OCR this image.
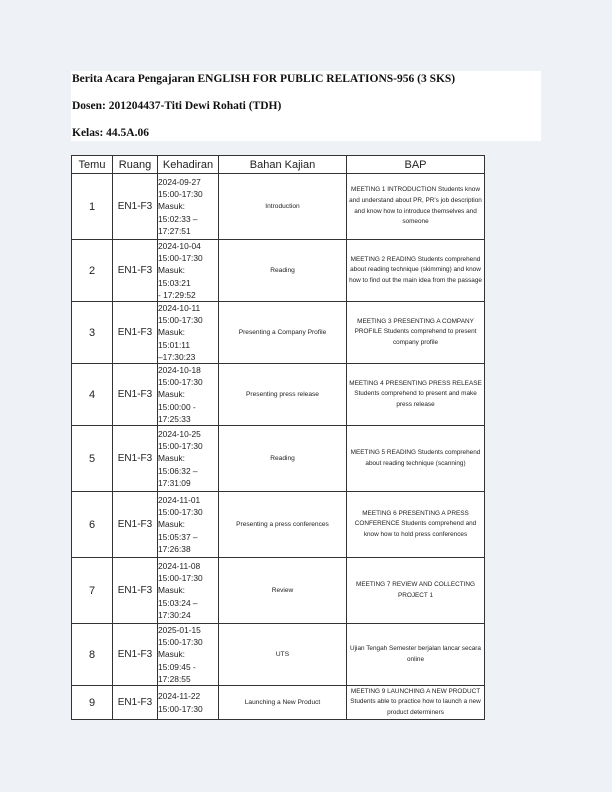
Berita Acara Pengajaran ENGLISH FOR PUBLIC RELATIONS-956 (3 SKS)
Dosen: 201204437-Titi Dewi Rohati (TDH)
Kelas: 44.5A.06
Temu	Ruang	Kehadiran	Bahan Kajian	BAP
1	EN1-F3	2024-09-27
15:00-17:30
Masuk:
15:02:33 –
17:27:51	Introduction	MEETING 1 INTRODUCTION Students know and understand about PR, PR's job description and know how to introduce themselves and someone
2	EN1-F3	2024-10-04
15:00-17:30
Masuk: 15:03:21
- 17:29:52	Reading	MEETING 2 READING Students comprehend about reading technique (skimming) and know how to find out the main idea from the passage
3	EN1-F3	2024-10-11
15:00-17:30
Masuk: 15:01:11
–17:30:23	Presenting a Company Profile	MEETING 3 PRESENTING A COMPANY PROFILE Students comprehend to present company profile
4	EN1-F3	2024-10-18
15:00-17:30
Masuk:
15:00:00 -
17:25:33	Presenting press release	MEETING 4 PRESENTING PRESS RELEASE Students comprehend to present and make press release
5	EN1-F3	2024-10-25
15:00-17:30
Masuk:
15:06:32 –
17:31:09	Reading	MEETING 5 READING Students comprehend about reading technique (scanning)
6	EN1-F3	2024-11-01
15:00-17:30
Masuk:
15:05:37 –
17:26:38	Presenting a press conferences	MEETING 6 PRESENTING A PRESS CONFERENCE Students comprehend and know how to hold press conferences
7	EN1-F3	2024-11-08
15:00-17:30
Masuk:
15:03:24 –
17:30:24	Review	MEETING 7 REVIEW AND COLLECTING PROJECT 1
8	EN1-F3	2025-01-15
15:00-17:30
Masuk:
15:09:45 -
17:28:55	UTS	Ujian Tengah Semester berjalan lancar secara online
9	EN1-F3	2024-11-22
15:00-17:30	Launching a New Product	MEETING 9 LAUNCHING A NEW PRODUCT Students able to practice how to launch a new product determiners
